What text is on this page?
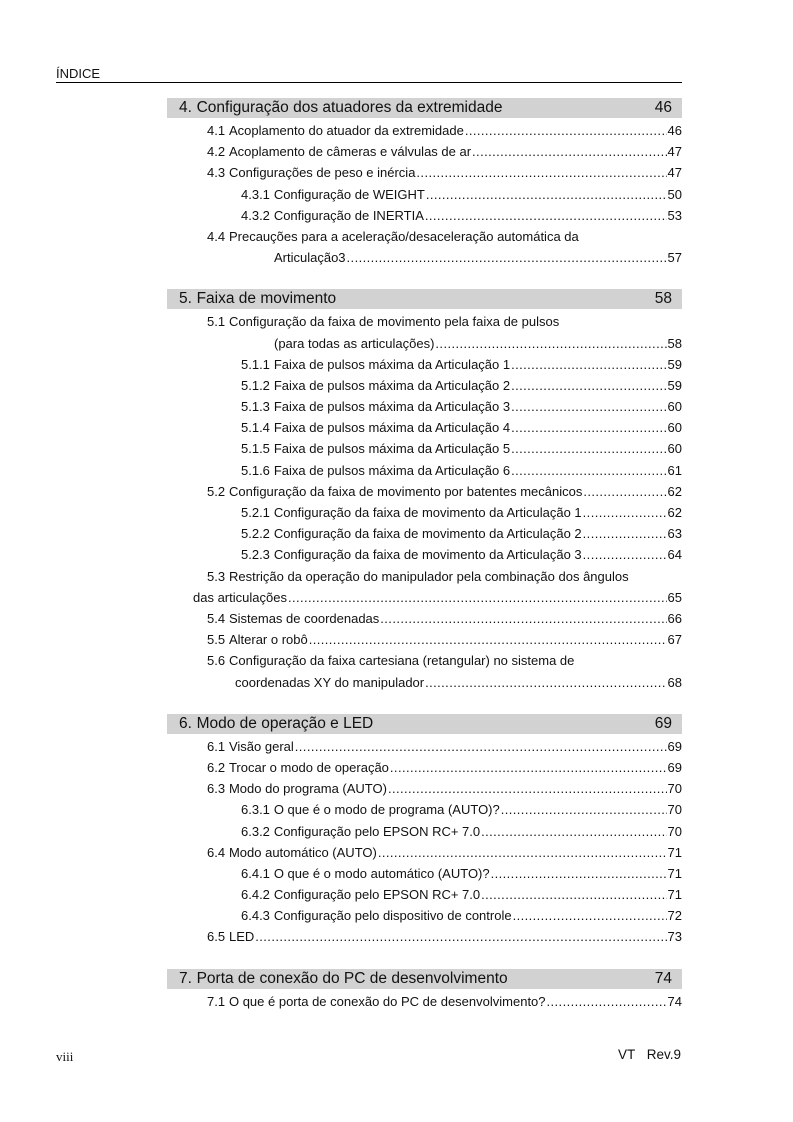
ÍNDICE
4. Configuração dos atuadores da extremidade	46
4.1 Acoplamento do atuador da extremidade .....	46
4.2 Acoplamento de câmeras e válvulas de ar .....	47
4.3 Configurações de peso e inércia .....	47
4.3.1 Configuração de WEIGHT .....	50
4.3.2 Configuração de INERTIA .....	53
4.4 Precauções para a aceleração/desaceleração automática da
Articulação3 .....	57
5. Faixa de movimento	58
5.1 Configuração da faixa de movimento pela faixa de pulsos
(para todas as articulações) .....	58
5.1.1 Faixa de pulsos máxima da Articulação 1 .....	59
5.1.2 Faixa de pulsos máxima da Articulação 2 .....	59
5.1.3 Faixa de pulsos máxima da Articulação 3 .....	60
5.1.4 Faixa de pulsos máxima da Articulação 4 .....	60
5.1.5 Faixa de pulsos máxima da Articulação 5 .....	60
5.1.6 Faixa de pulsos máxima da Articulação 6 .....	61
5.2 Configuração da faixa de movimento por batentes mecânicos .....	62
5.2.1 Configuração da faixa de movimento da Articulação 1 .....	62
5.2.2 Configuração da faixa de movimento da Articulação 2 .....	63
5.2.3 Configuração da faixa de movimento da Articulação 3 .....	64
5.3 Restrição da operação do manipulador pela combinação dos ângulos
das articulações .....	65
5.4 Sistemas de coordenadas .....	66
5.5 Alterar o robô .....	67
5.6 Configuração da faixa cartesiana (retangular) no sistema de
coordenadas XY do manipulador .....	68
6. Modo de operação e LED	69
6.1 Visão geral .....	69
6.2 Trocar o modo de operação .....	69
6.3 Modo do programa (AUTO) .....	70
6.3.1 O que é o modo de programa (AUTO)? .....	70
6.3.2 Configuração pelo EPSON RC+ 7.0 .....	70
6.4 Modo automático (AUTO) .....	71
6.4.1 O que é o modo automático (AUTO)? .....	71
6.4.2 Configuração pelo EPSON RC+ 7.0 .....	71
6.4.3 Configuração pelo dispositivo de controle .....	72
6.5 LED .....	73
7. Porta de conexão do PC de desenvolvimento	74
7.1 O que é porta de conexão do PC de desenvolvimento? .....	74
viii	VT Rev.9
